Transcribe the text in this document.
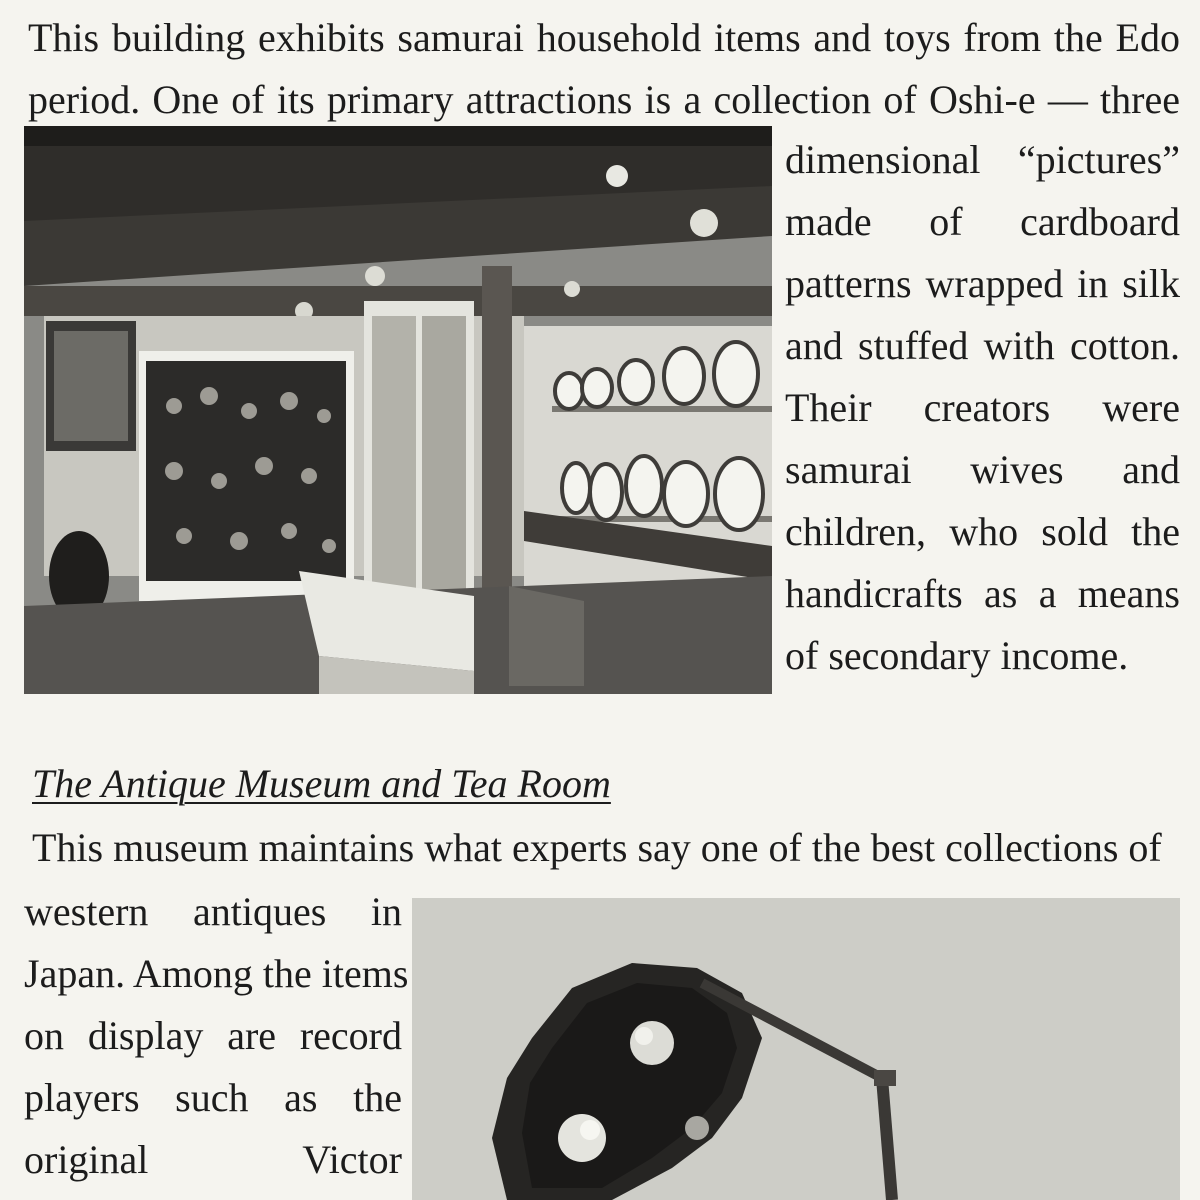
This building exhibits samurai household items and toys from the Edo
period. One of its primary attractions is a collection of Oshi-e — three
dimensional “pictures”
made of cardboard
patterns wrapped in silk
and stuffed with cotton.
Their creators were
samurai wives and
children, who sold the
handicrafts as a means
of secondary income.
The Antique Museum and Tea Room
This museum maintains what experts say one of the best collections of
western antiques in
Japan. Among the items
on display are record
players such as the
original Victor
